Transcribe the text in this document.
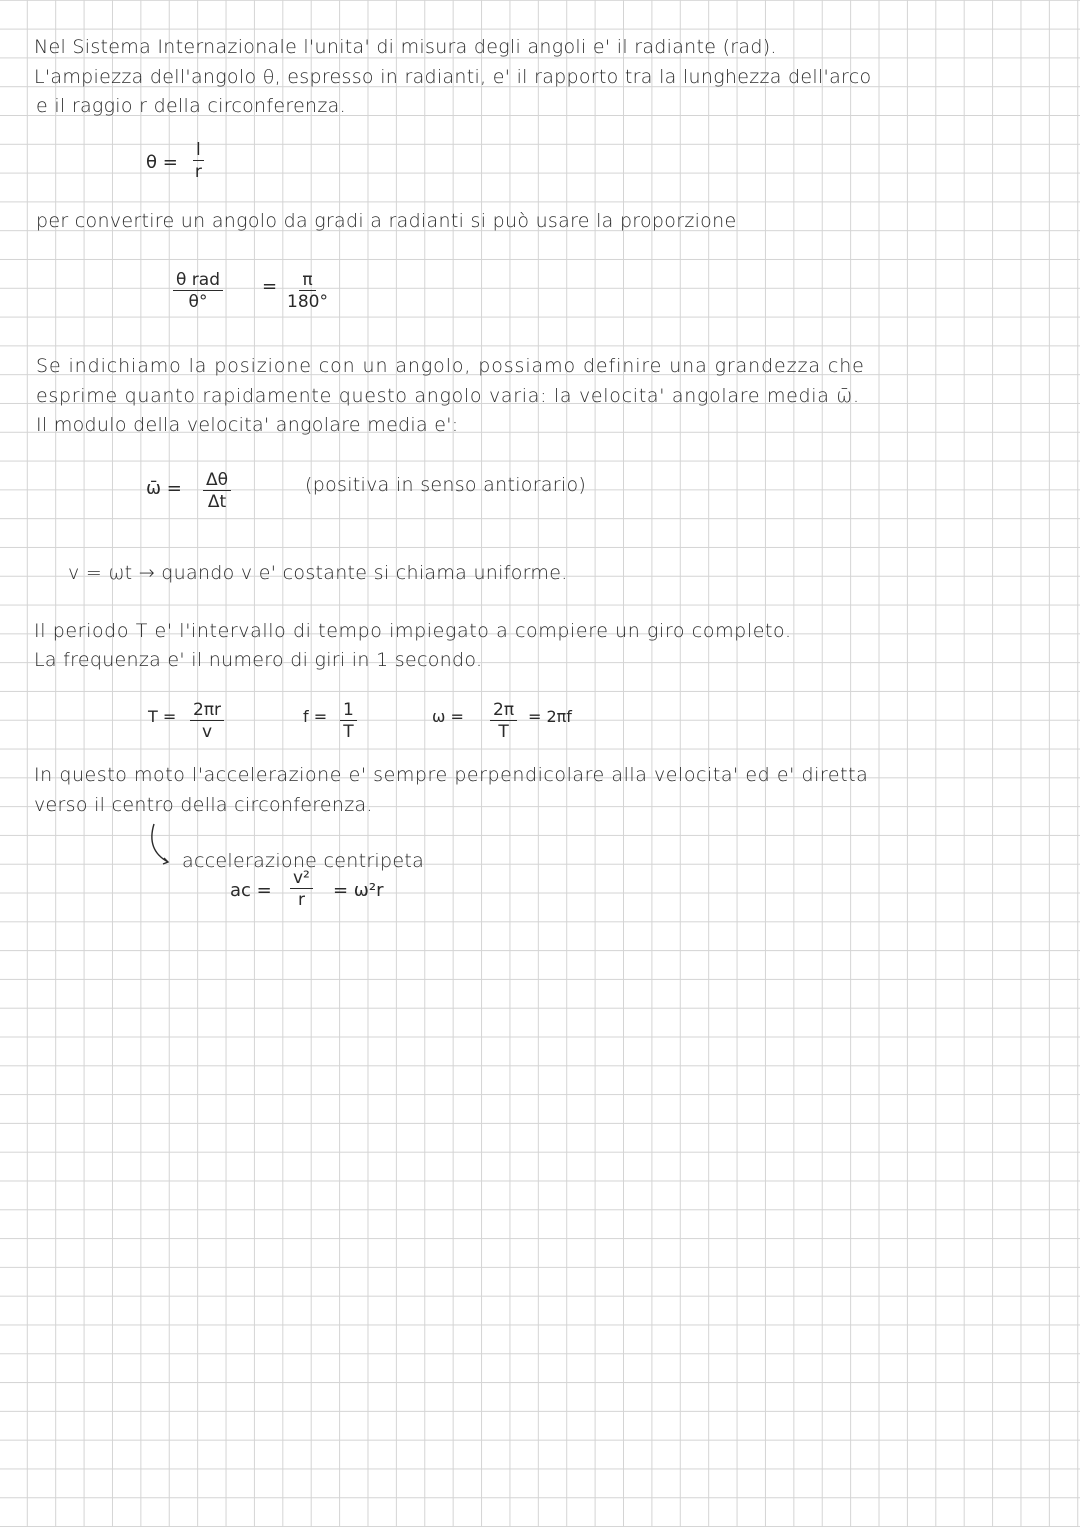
Nel Sistema Internazionale l'unita' di misura degli angoli e' il radiante (rad).
L'ampiezza dell'angolo θ, espresso in radianti, e' il rapporto tra la lunghezza dell'arco
e il raggio r della circonferenza.
$\theta = \frac{l}{r}$
per convertire un angolo da gradi a radianti si può usare la proporzione
θ rad
θ°
= $\frac{\pi}{180^\circ}$
Se indichiamo la posizione con un angolo, possiamo definire una grandezza che
esprime quanto rapidamente questo angolo varia: la velocita' angolare media ω̄.
Il modulo della velocita' angolare media e':
ω̄ = $\frac{\Delta\theta}{\Delta t}$	(positiva in senso antiorario)
v = ωt → quando v e' costante si chiama uniforme.
Il periodo T e' l'intervallo di tempo impiegato a compiere un giro completo.
La frequenza e' il numero di giri in 1 secondo.
$T = \frac{2\pi r}{v}$	$f = \frac{1}{T}$	$\omega = \frac{2\pi}{T} = 2\pi f$
In questo moto l'accelerazione e' sempre perpendicolare alla velocita' ed e' diretta
verso il centro della circonferenza.
accelerazione centripeta
ac = $\frac{\text{v²}}{r} = \omega^2r$
